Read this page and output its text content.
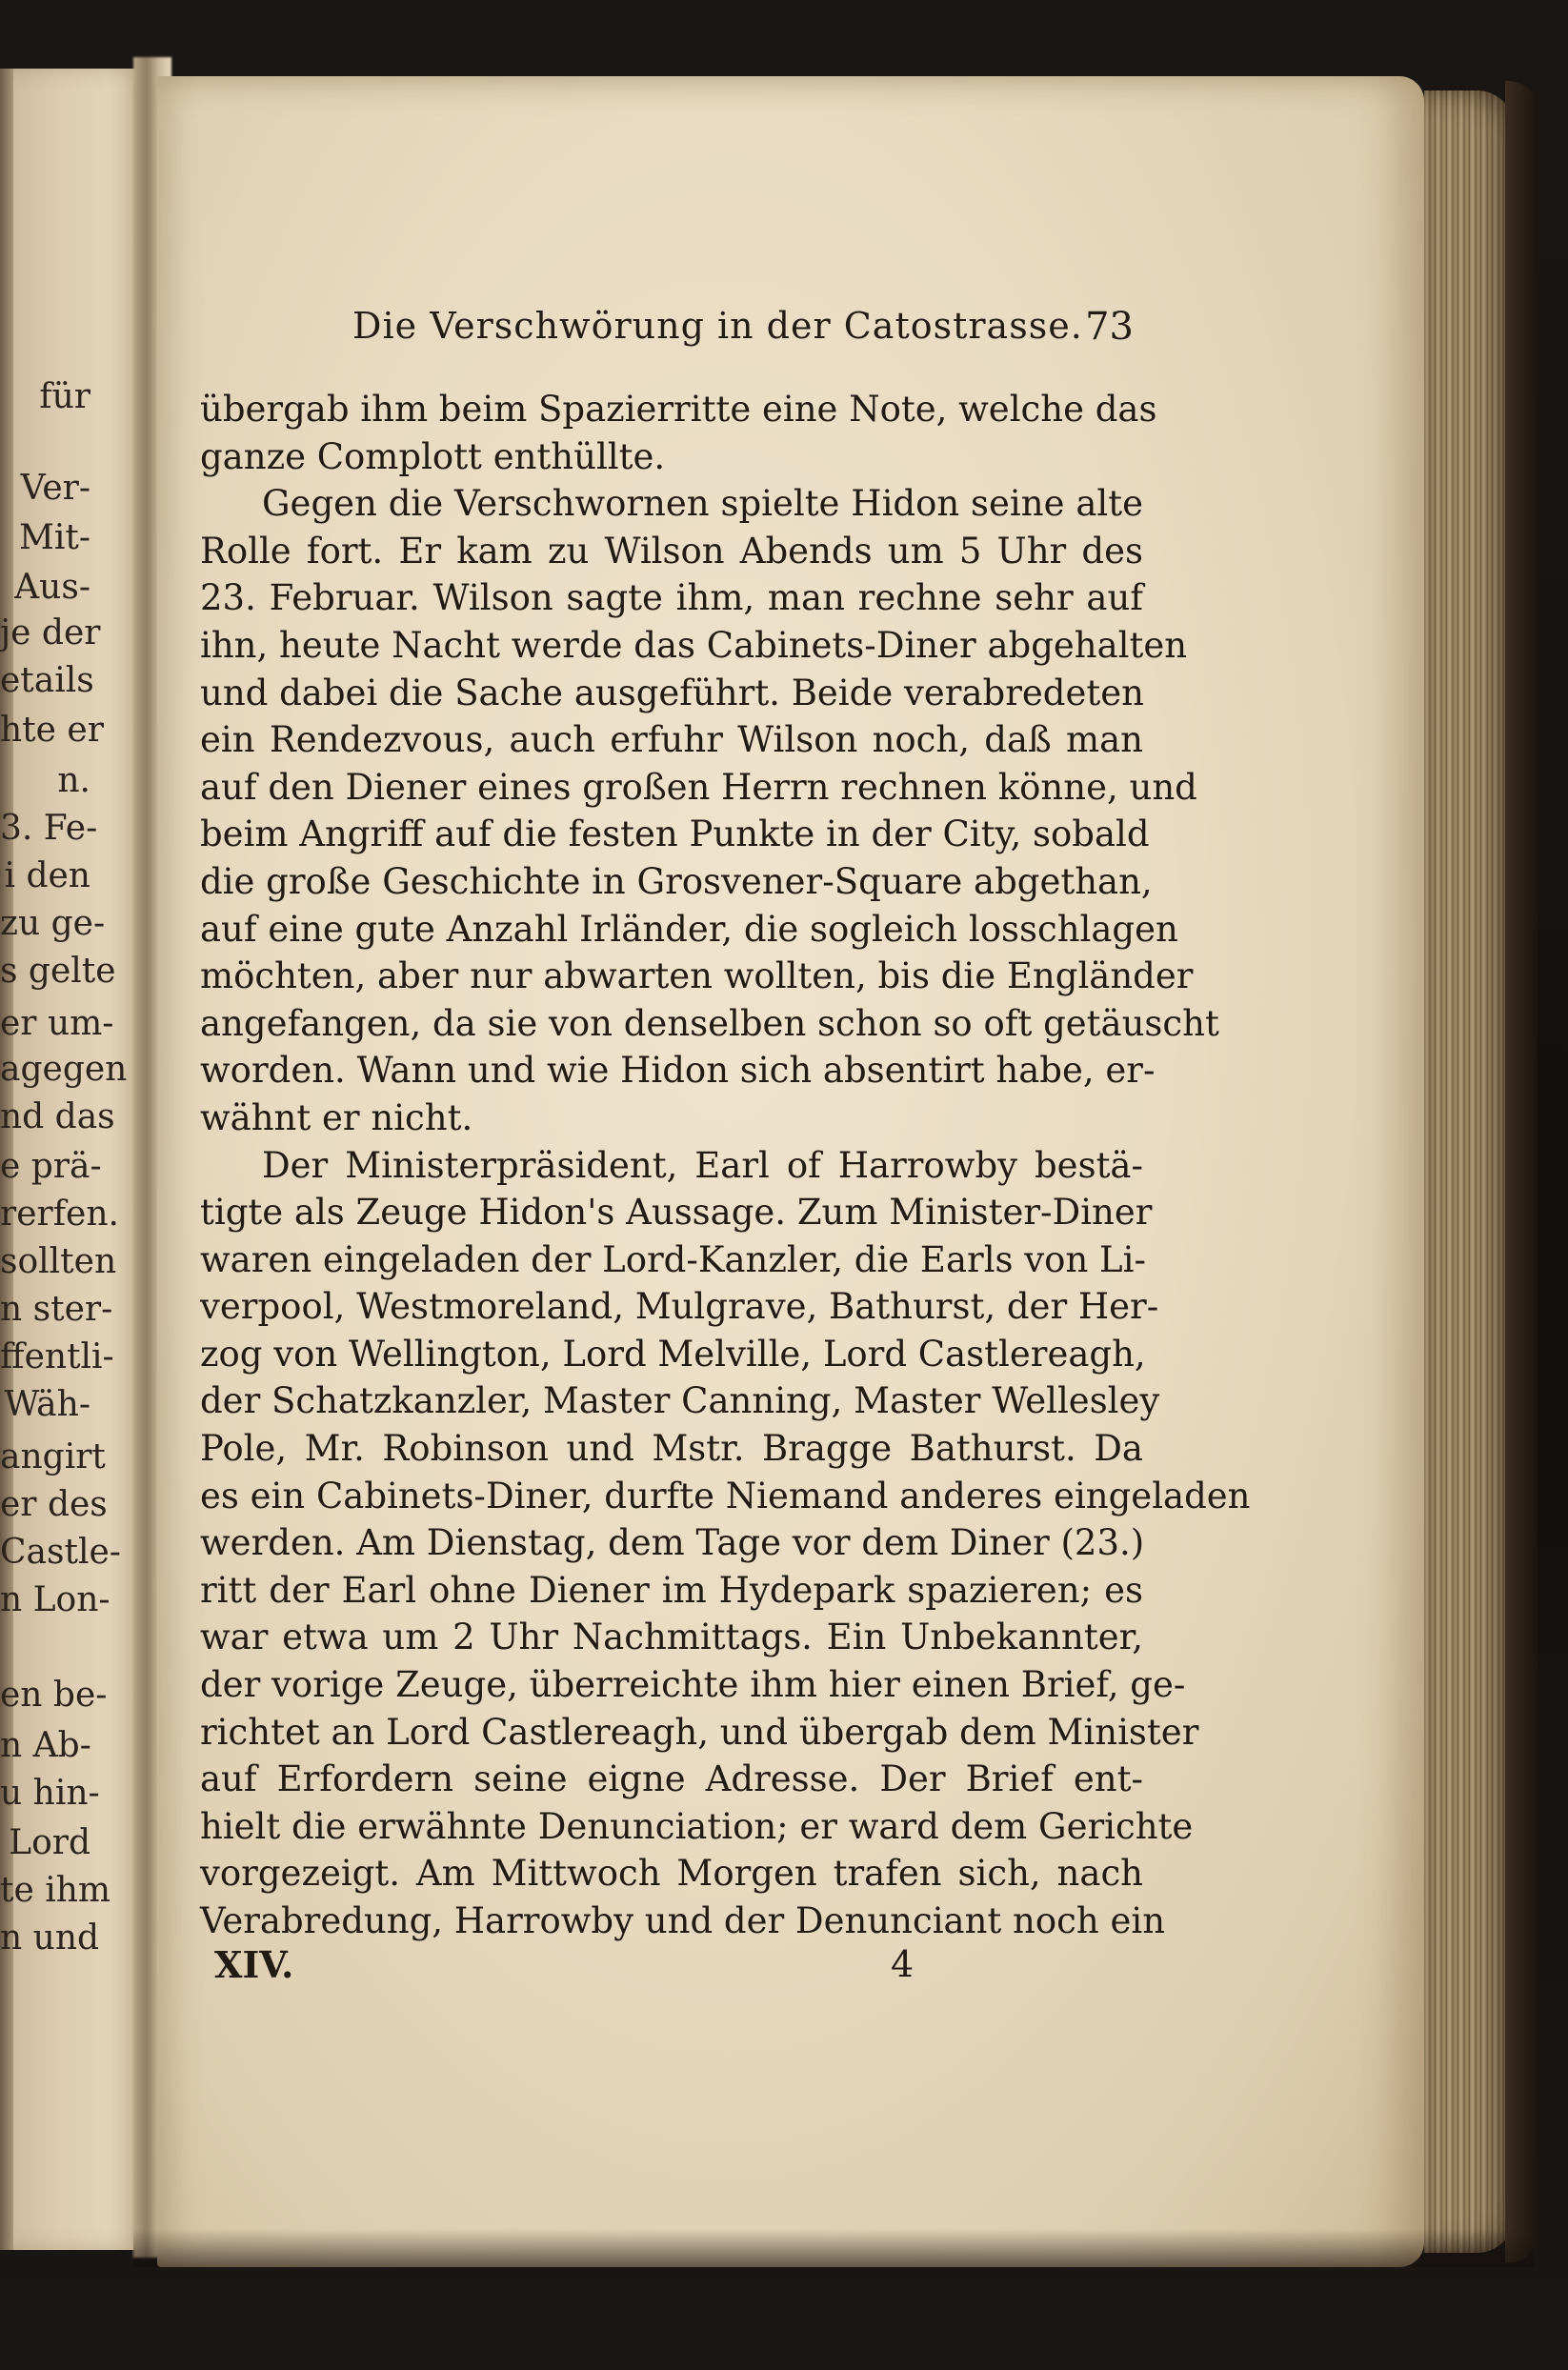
für
Ver-
Mit-
Aus-
je der
etails
hte er
n.
3. Fe-
i den
zu ge-
s gelte
er um-
agegen
nd das
e prä-
rerfen.
sollten
n ster-
ffentli-
Wäh-
angirt
er des
Castle-
n Lon-
en be-
n Ab-
u hin-
Lord
te ihm
n und
Die Verschwörung in der Catostrasse. 73
übergab ihm beim Spazierritte eine Note, welche das
ganze Complott enthüllte.
Gegen die Verschwornen spielte Hidon seine alte
Rolle fort. Er kam zu Wilson Abends um 5 Uhr des
23. Februar. Wilson sagte ihm, man rechne sehr auf
ihn, heute Nacht werde das Cabinets-Diner abgehalten
und dabei die Sache ausgeführt. Beide verabredeten
ein Rendezvous, auch erfuhr Wilson noch, daß man
auf den Diener eines großen Herrn rechnen könne, und
beim Angriff auf die festen Punkte in der City, sobald
die große Geschichte in Grosvener-Square abgethan,
auf eine gute Anzahl Irländer, die sogleich losschlagen
möchten, aber nur abwarten wollten, bis die Engländer
angefangen, da sie von denselben schon so oft getäuscht
worden. Wann und wie Hidon sich absentirt habe, er-
wähnt er nicht.
Der Ministerpräsident, Earl of Harrowby bestä-
tigte als Zeuge Hidon's Aussage. Zum Minister-Diner
waren eingeladen der Lord-Kanzler, die Earls von Li-
verpool, Westmoreland, Mulgrave, Bathurst, der Her-
zog von Wellington, Lord Melville, Lord Castlereagh,
der Schatzkanzler, Master Canning, Master Wellesley
Pole, Mr. Robinson und Mstr. Bragge Bathurst. Da
es ein Cabinets-Diner, durfte Niemand anderes eingeladen
werden. Am Dienstag, dem Tage vor dem Diner (23.)
ritt der Earl ohne Diener im Hydepark spazieren; es
war etwa um 2 Uhr Nachmittags. Ein Unbekannter,
der vorige Zeuge, überreichte ihm hier einen Brief, ge-
richtet an Lord Castlereagh, und übergab dem Minister
auf Erfordern seine eigne Adresse. Der Brief ent-
hielt die erwähnte Denunciation; er ward dem Gerichte
vorgezeigt. Am Mittwoch Morgen trafen sich, nach
Verabredung, Harrowby und der Denunciant noch ein
XIV.	4
